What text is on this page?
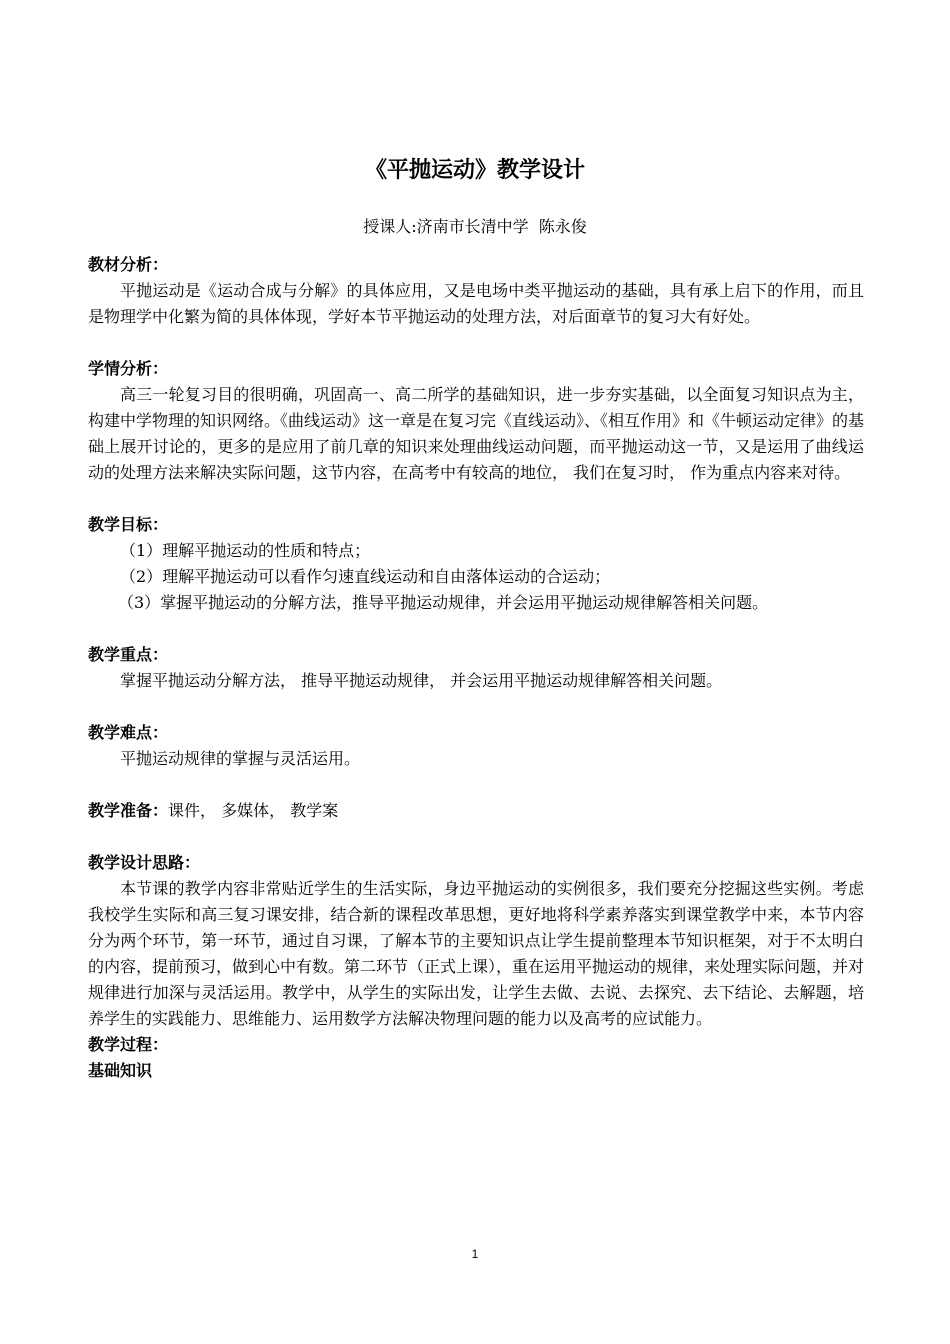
《平抛运动》教学设计
授课人:济南市长清中学  陈永俊
教材分析：

平抛运动是《运动合成与分解》的具体应用，又是电场中类平抛运动的基础，具有承上启下的作用，而且是物理学中化繁为简的具体体现，学好本节平抛运动的处理方法，对后面章节的复习大有好处。

学情分析：

高三一轮复习目的很明确，巩固高一、高二所学的基础知识，进一步夯实基础，以全面复习知识点为主，构建中学物理的知识网络。《曲线运动》这一章是在复习完《直线运动》、《相互作用》和《牛顿运动定律》的基础上展开讨论的，更多的是应用了前几章的知识来处理曲线运动问题，而平抛运动这一节，又是运用了曲线运动的处理方法来解决实际问题，这节内容，在高考中有较高的地位， 我们在复习时， 作为重点内容来对待。

教学目标：

（1）理解平抛运动的性质和特点；

（2）理解平抛运动可以看作匀速直线运动和自由落体运动的合运动；

（3）掌握平抛运动的分解方法，推导平抛运动规律，并会运用平抛运动规律解答相关问题。

教学重点：

掌握平抛运动分解方法， 推导平抛运动规律， 并会运用平抛运动规律解答相关问题。

教学难点：

平抛运动规律的掌握与灵活运用。

教学准备：课件， 多媒体， 教学案

教学设计思路：

本节课的教学内容非常贴近学生的生活实际，身边平抛运动的实例很多，我们要充分挖掘这些实例。考虑我校学生实际和高三复习课安排，结合新的课程改革思想，更好地将科学素养落实到课堂教学中来，本节内容分为两个环节，第一环节，通过自习课，了解本节的主要知识点让学生提前整理本节知识框架，对于不太明白的内容，提前预习，做到心中有数。第二环节（正式上课），重在运用平抛运动的规律，来处理实际问题，并对规律进行加深与灵活运用。教学中，从学生的实际出发，让学生去做、去说、去探究、去下结论、去解题，培养学生的实践能力、思维能力、运用数学方法解决物理问题的能力以及高考的应试能力。

教学过程：
基础知识
1
